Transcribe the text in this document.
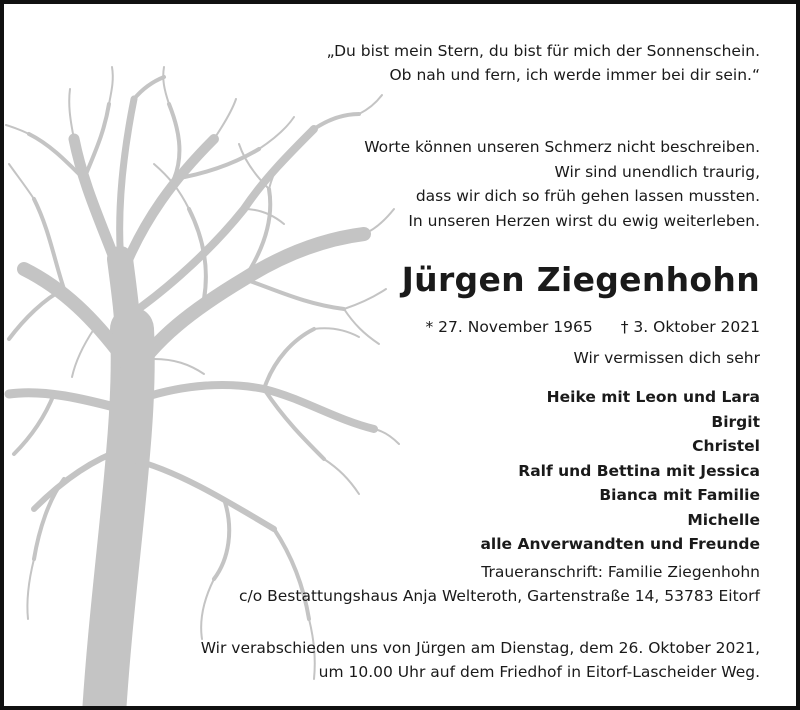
„Du bist mein Stern, du bist für mich der Sonnenschein.
Ob nah und fern, ich werde immer bei dir sein.“
Worte können unseren Schmerz nicht beschreiben.
Wir sind unendlich traurig,
dass wir dich so früh gehen lassen mussten.
In unseren Herzen wirst du ewig weiterleben.
Jürgen Ziegenhohn
* 27. November 1965 † 3. Oktober 2021
Wir vermissen dich sehr
Heike mit Leon und Lara
Birgit
Christel
Ralf und Bettina mit Jessica
Bianca mit Familie
Michelle
alle Anverwandten und Freunde
Traueranschrift: Familie Ziegenhohn
c/o Bestattungshaus Anja Welteroth, Gartenstraße 14, 53783 Eitorf
Wir verabschieden uns von Jürgen am Dienstag, dem 26. Oktober 2021,
um 10.00 Uhr auf dem Friedhof in Eitorf-Lascheider Weg.
